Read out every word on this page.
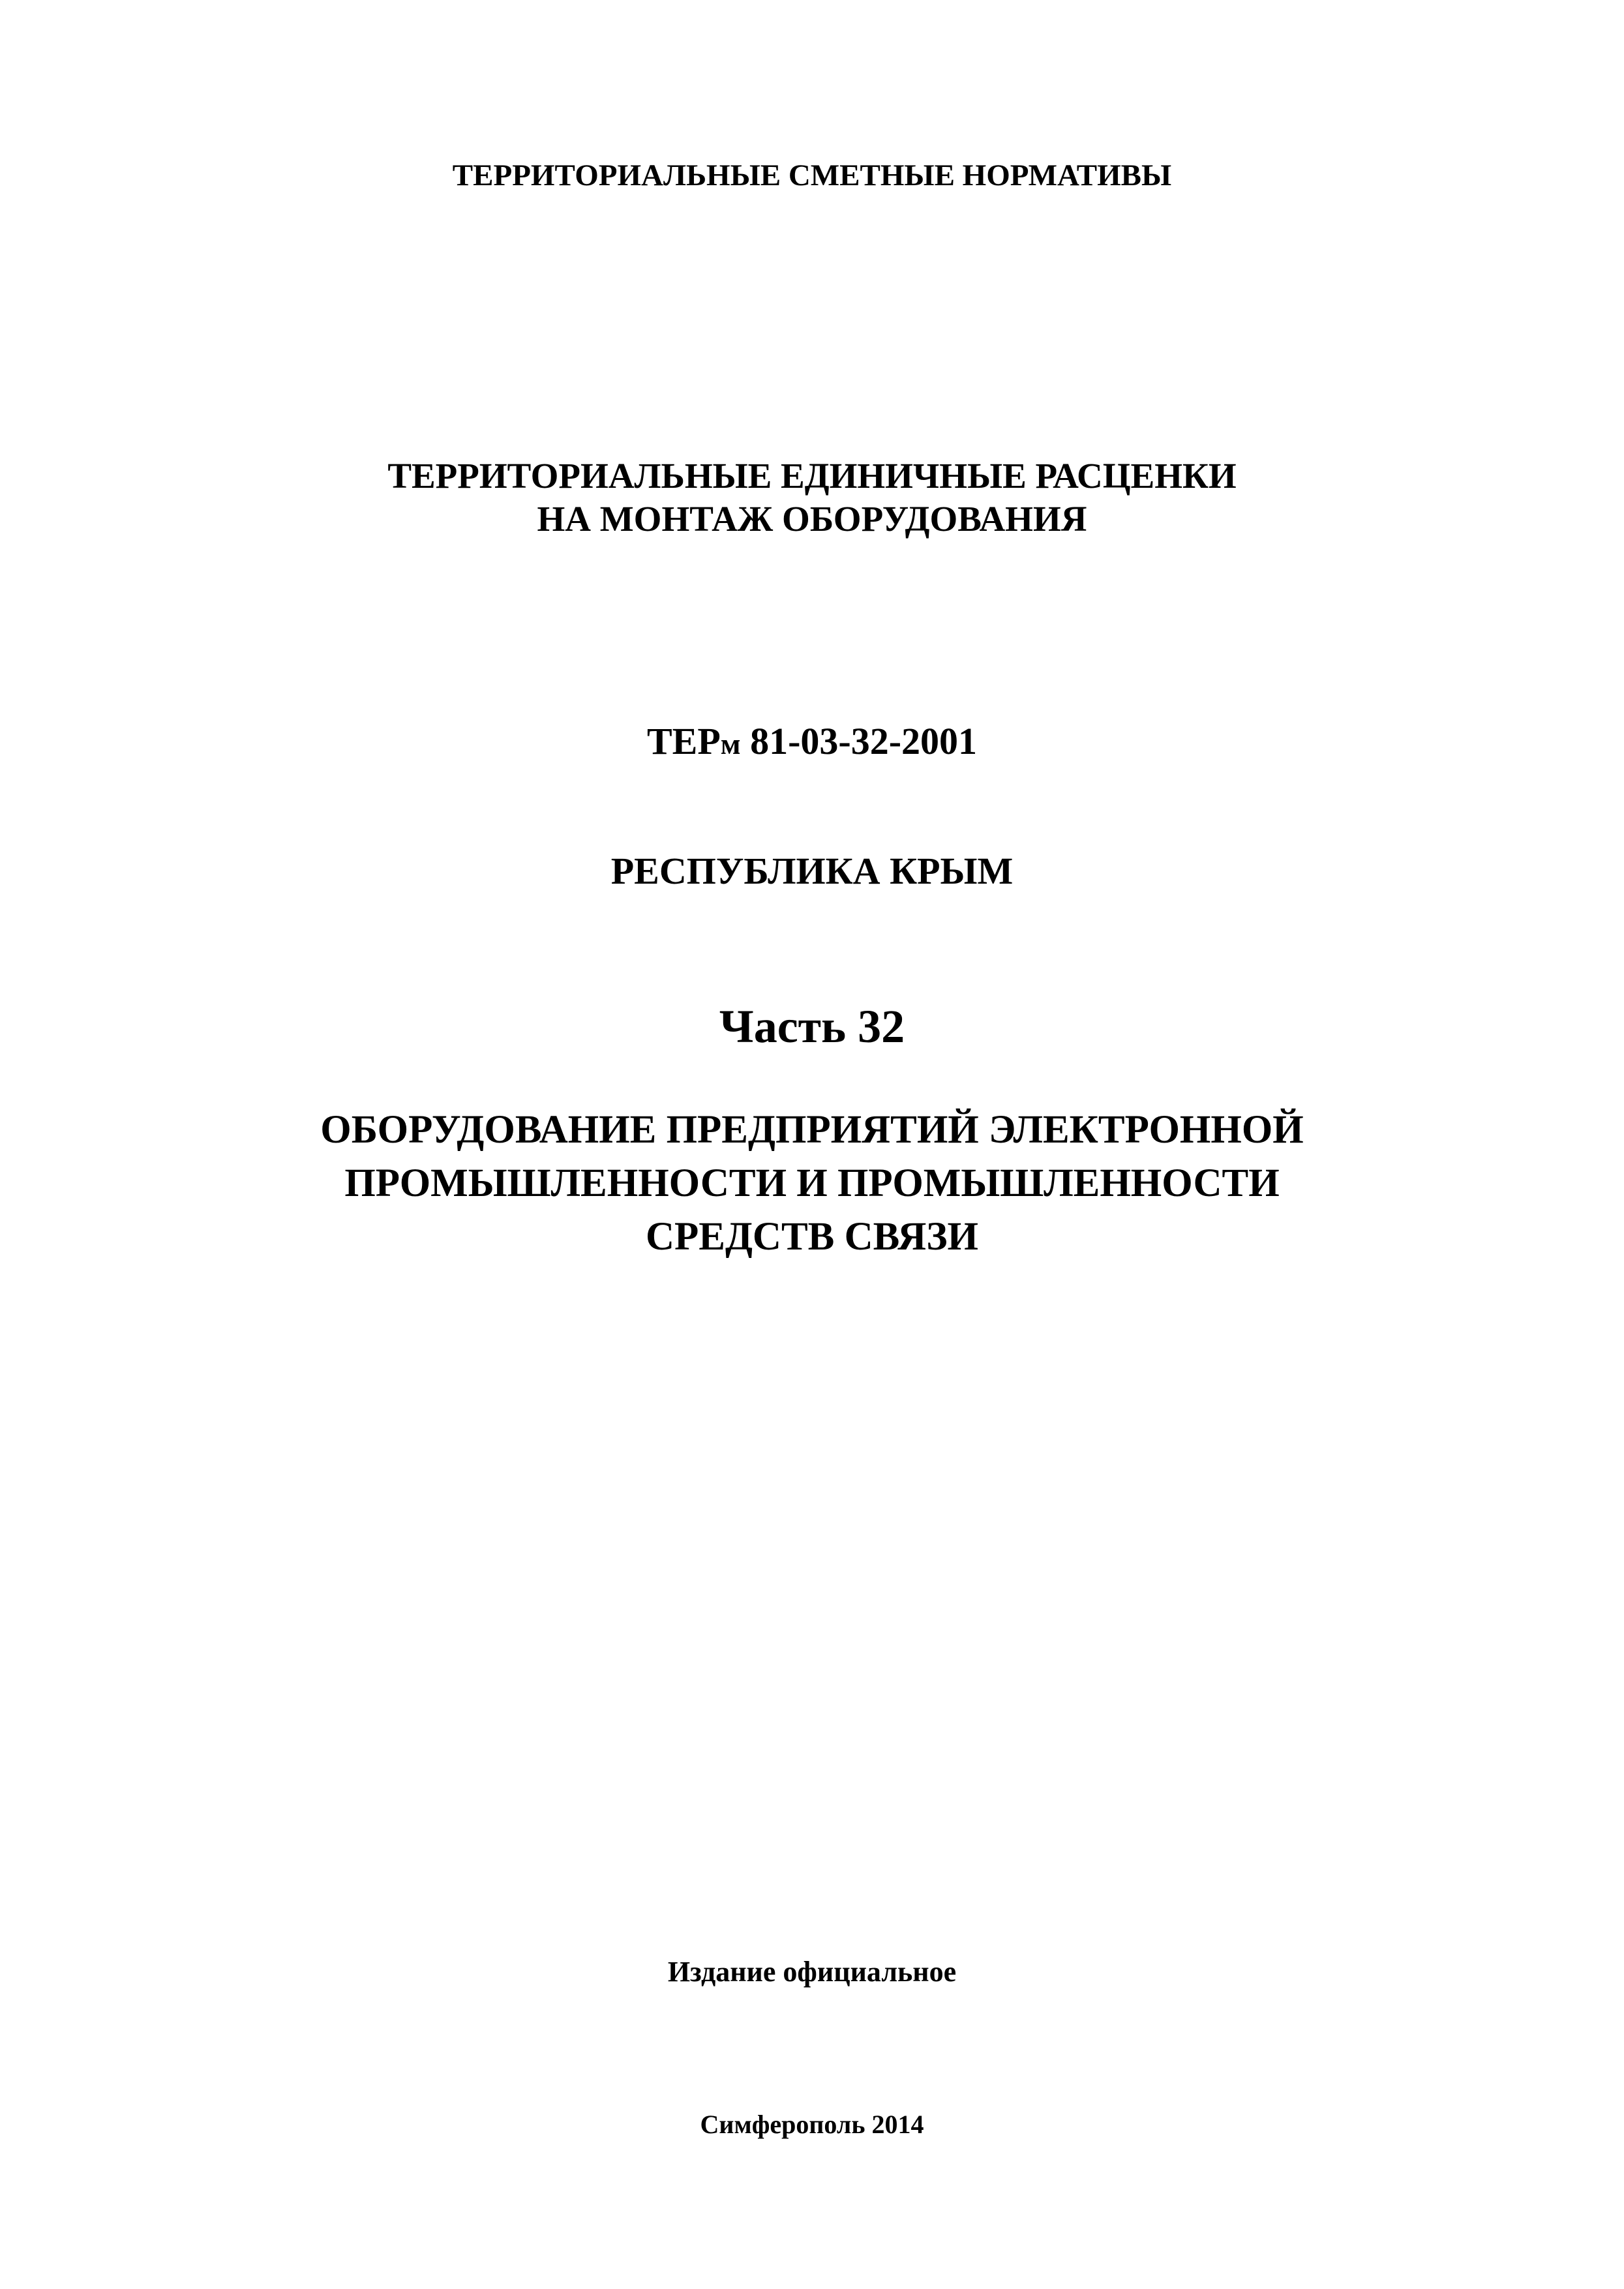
ТЕРРИТОРИАЛЬНЫЕ СМЕТНЫЕ НОРМАТИВЫ
ТЕРРИТОРИАЛЬНЫЕ ЕДИНИЧНЫЕ РАСЦЕНКИ
НА МОНТАЖ ОБОРУДОВАНИЯ
ТЕРм 81-03-32-2001
РЕСПУБЛИКА КРЫМ
Часть 32
ОБОРУДОВАНИЕ ПРЕДПРИЯТИЙ ЭЛЕКТРОННОЙ
ПРОМЫШЛЕННОСТИ И ПРОМЫШЛЕННОСТИ
СРЕДСТВ СВЯЗИ
Издание официальное
Симферополь 2014
